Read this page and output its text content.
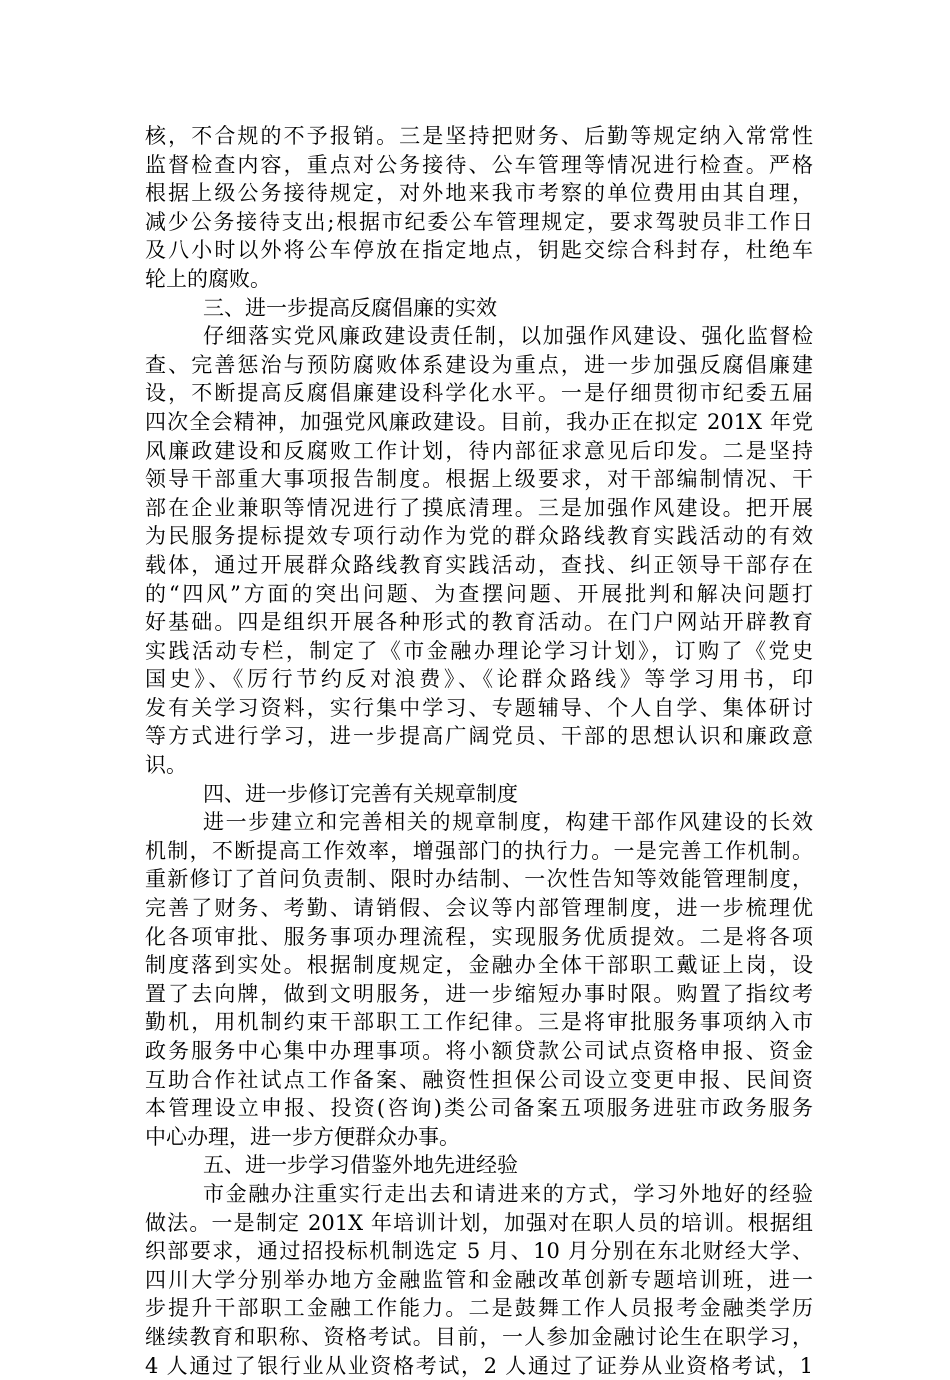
核，不合规的不予报销。三是坚持把财务、后勤等规定纳入常常性
监督检查内容，重点对公务接待、公车管理等情况进行检查。严格
根据上级公务接待规定，对外地来我市考察的单位费用由其自理，
减少公务接待支出;根据市纪委公车管理规定，要求驾驶员非工作日
及八小时以外将公车停放在指定地点，钥匙交综合科封存，杜绝车
轮上的腐败。
三、进一步提高反腐倡廉的实效
仔细落实党风廉政建设责任制，以加强作风建设、强化监督检
查、完善惩治与预防腐败体系建设为重点，进一步加强反腐倡廉建
设，不断提高反腐倡廉建设科学化水平。一是仔细贯彻市纪委五届
四次全会精神，加强党风廉政建设。目前，我办正在拟定 201X 年党
风廉政建设和反腐败工作计划，待内部征求意见后印发。二是坚持
领导干部重大事项报告制度。根据上级要求，对干部编制情况、干
部在企业兼职等情况进行了摸底清理。三是加强作风建设。把开展
为民服务提标提效专项行动作为党的群众路线教育实践活动的有效
载体，通过开展群众路线教育实践活动，查找、纠正领导干部存在
的“四风”方面的突出问题、为查摆问题、开展批判和解决问题打
好基础。四是组织开展各种形式的教育活动。在门户网站开辟教育
实践活动专栏，制定了《市金融办理论学习计划》，订购了《党史
国史》、《厉行节约反对浪费》、《论群众路线》等学习用书，印
发有关学习资料，实行集中学习、专题辅导、个人自学、集体研讨
等方式进行学习，进一步提高广阔党员、干部的思想认识和廉政意
识。
四、进一步修订完善有关规章制度
进一步建立和完善相关的规章制度，构建干部作风建设的长效
机制，不断提高工作效率，增强部门的执行力。一是完善工作机制。
重新修订了首问负责制、限时办结制、一次性告知等效能管理制度，
完善了财务、考勤、请销假、会议等内部管理制度，进一步梳理优
化各项审批、服务事项办理流程，实现服务优质提效。二是将各项
制度落到实处。根据制度规定，金融办全体干部职工戴证上岗，设
置了去向牌，做到文明服务，进一步缩短办事时限。购置了指纹考
勤机，用机制约束干部职工工作纪律。三是将审批服务事项纳入市
政务服务中心集中办理事项。将小额贷款公司试点资格申报、资金
互助合作社试点工作备案、融资性担保公司设立变更申报、民间资
本管理设立申报、投资(咨询)类公司备案五项服务进驻市政务服务
中心办理，进一步方便群众办事。
五、进一步学习借鉴外地先进经验
市金融办注重实行走出去和请进来的方式，学习外地好的经验
做法。一是制定 201X 年培训计划，加强对在职人员的培训。根据组
织部要求，通过招投标机制选定 5 月、10 月分别在东北财经大学、
四川大学分别举办地方金融监管和金融改革创新专题培训班，进一
步提升干部职工金融工作能力。二是鼓舞工作人员报考金融类学历
继续教育和职称、资格考试。目前，一人参加金融讨论生在职学习，
4 人通过了银行业从业资格考试，2 人通过了证券从业资格考试，1
